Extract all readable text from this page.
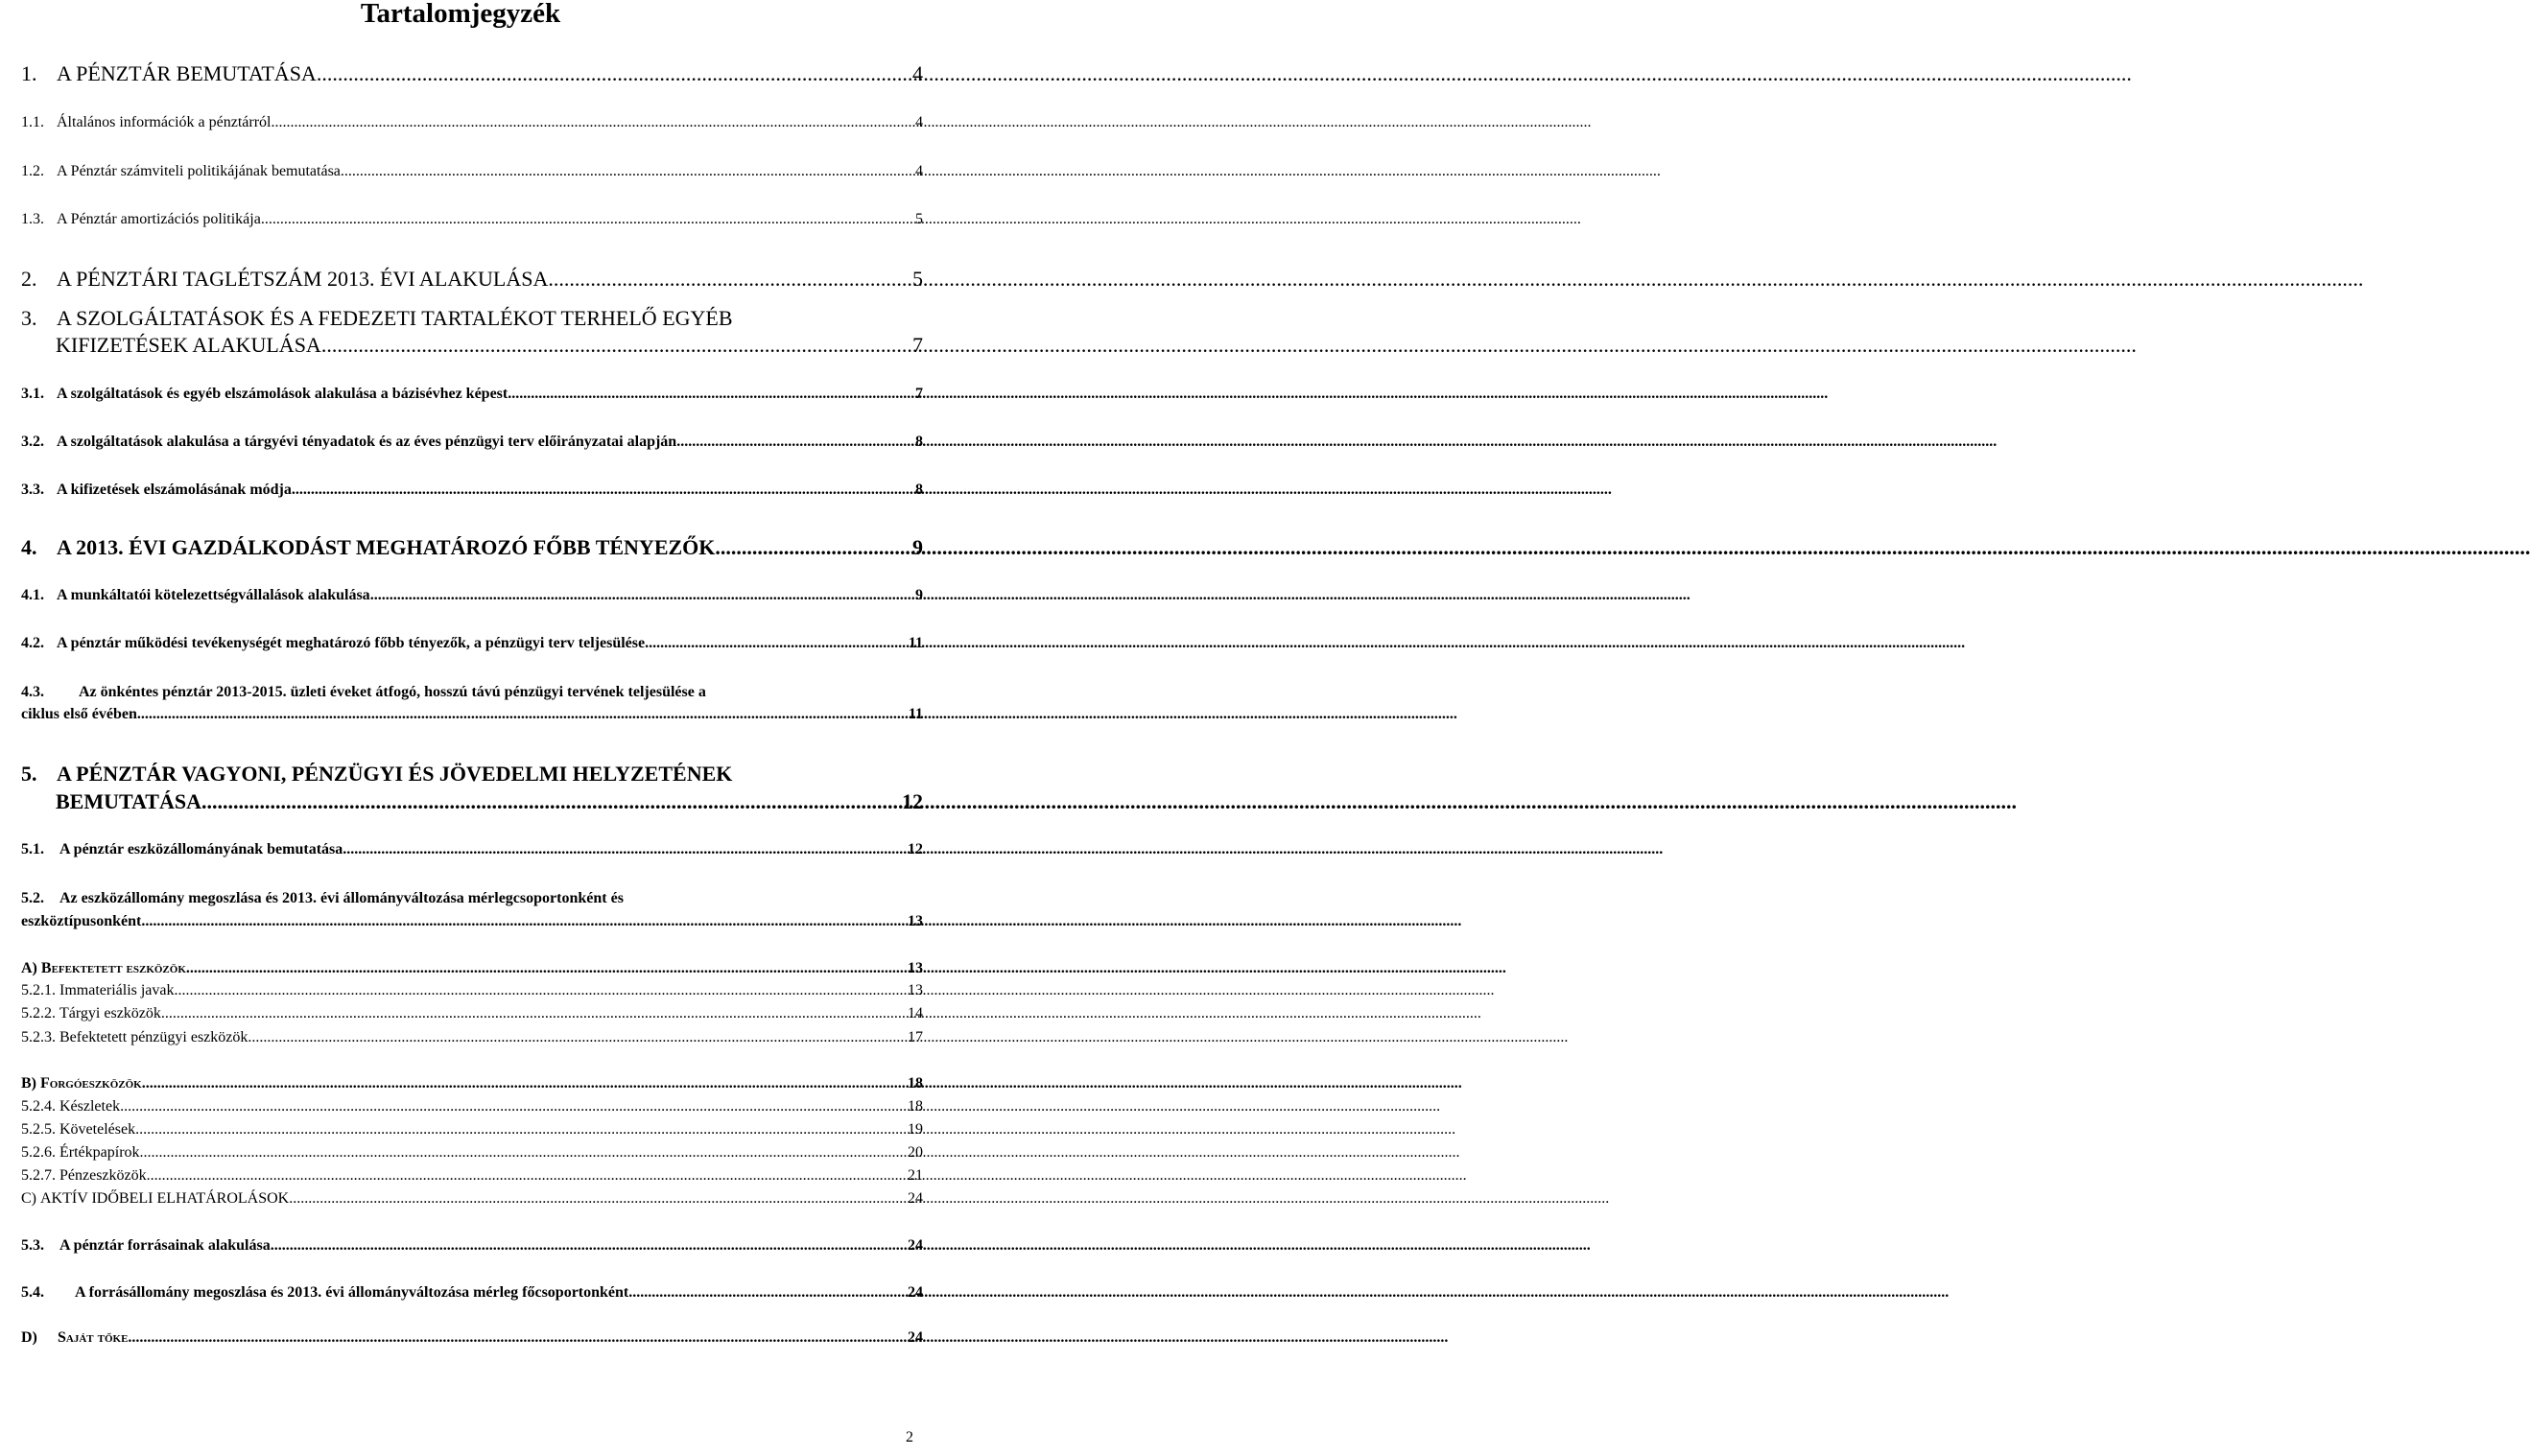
Tartalomjegyzék
1. A PÉNZTÁR BEMUTATÁSA .....	4
1.1. Általános információk a pénztárról .....	4
1.2. A Pénztár számviteli politikájának bemutatása .....	4
1.3. A Pénztár amortizációs politikája .....	5
2. A PÉNZTÁRI TAGLÉTSZÁM 2013. ÉVI ALAKULÁSA .....	5
3. A SZOLGÁLTATÁSOK ÉS A FEDEZETI TARTALÉKOT TERHELŐ EGYÉB
KIFIZETÉSEK ALAKULÁSA .....	7
3.1. A szolgáltatások és egyéb elszámolások alakulása a bázisévhez képest .....	7
3.2. A szolgáltatások alakulása a tárgyévi tényadatok és az éves pénzügyi terv előirányzatai alapján .....	8
3.3. A kifizetések elszámolásának módja .....	8
4. A 2013. ÉVI GAZDÁLKODÁST MEGHATÁROZÓ FŐBB TÉNYEZŐK .....	9
4.1. A munkáltatói kötelezettségvállalások alakulása .....	9
4.2. A pénztár működési tevékenységét meghatározó főbb tényezők, a pénzügyi terv teljesülése .....	11
4.3. Az önkéntes pénztár 2013-2015. üzleti éveket átfogó, hosszú távú pénzügyi tervének teljesülése a
ciklus első évében .....	11
5. A PÉNZTÁR VAGYONI, PÉNZÜGYI ÉS JÖVEDELMI HELYZETÉNEK
BEMUTATÁSA .....	12
5.1.	A pénztár eszközállományának bemutatása .....	12
5.2. Az eszközállomány megoszlása és 2013. évi állományváltozása mérlegcsoportonként és
eszköztípusonként .....	13
A) Befektetett eszközök .....	13
5.2.1. Immateriális javak .....	13
5.2.2. Tárgyi eszközök .....	14
5.2.3. Befektetett pénzügyi eszközök .....	17
B) Forgóeszközök .....	18
5.2.4. Készletek .....	18
5.2.5. Követelések .....	19
5.2.6. Értékpapírok .....	20
5.2.7. Pénzeszközök .....	21
C) AKTÍV IDŐBELI ELHATÁROLÁSOK .....	24
5.3.	A pénztár forrásainak alakulása .....	24
5.4.	A forrásállomány megoszlása és 2013. évi állományváltozása mérleg főcsoportonként .....	24
D)	Saját tőke .....	24
2
